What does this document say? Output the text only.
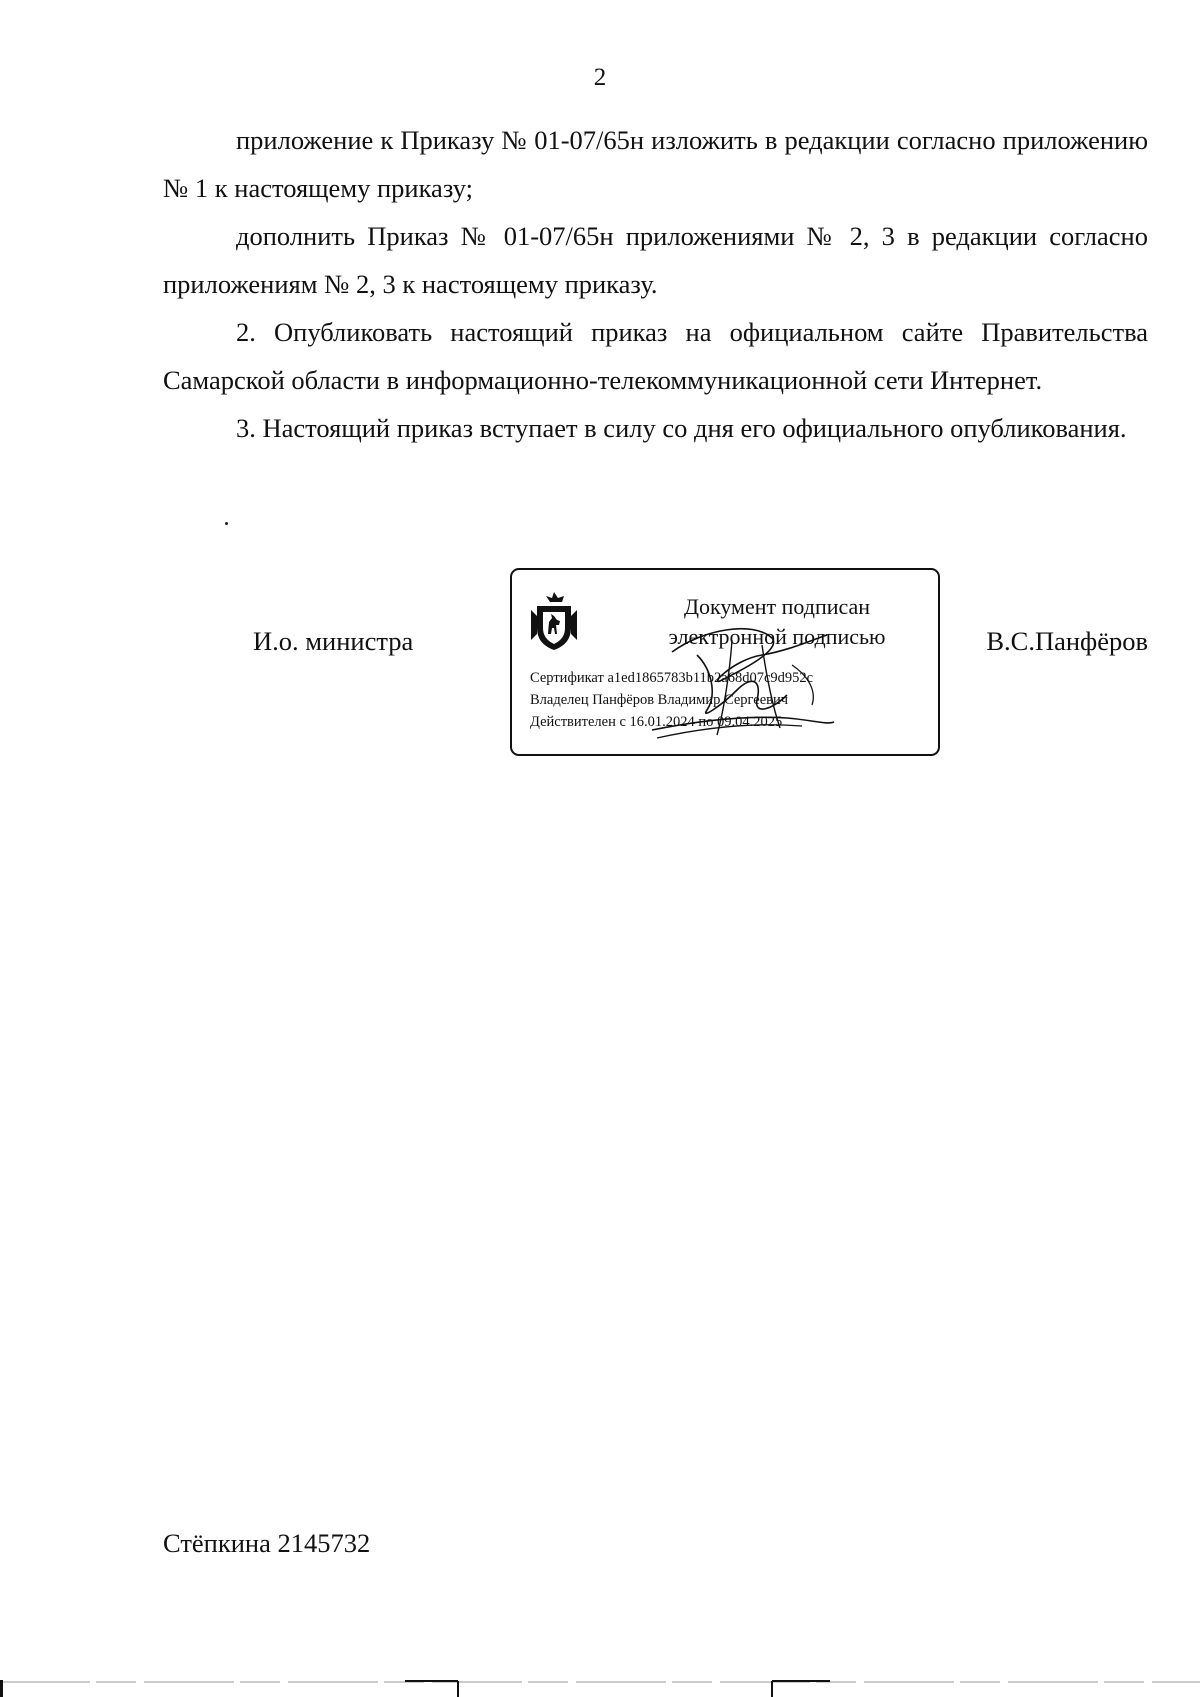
2

приложение к Приказу № 01-07/65н изложить в редакции согласно приложению № 1 к настоящему приказу;

дополнить Приказ № 01-07/65н приложениями № 2, 3 в редакции согласно приложениям № 2, 3 к настоящему приказу.

2. Опубликовать настоящий приказ на официальном сайте Правительства Самарской области в информационно-телекоммуникационной сети Интернет.

3. Настоящий приказ вступает в силу со дня его официального опубликования.

И.о. министра
Документ подписан
электронной подписью
Сертификат a1ed1865783b11b2a68d07c9d952c
Владелец Панфёров Владимир Сергеевич
Действителен с 16.01.2024 по 09.04.2025
В.С.Панфёров
Стёпкина 2145732
